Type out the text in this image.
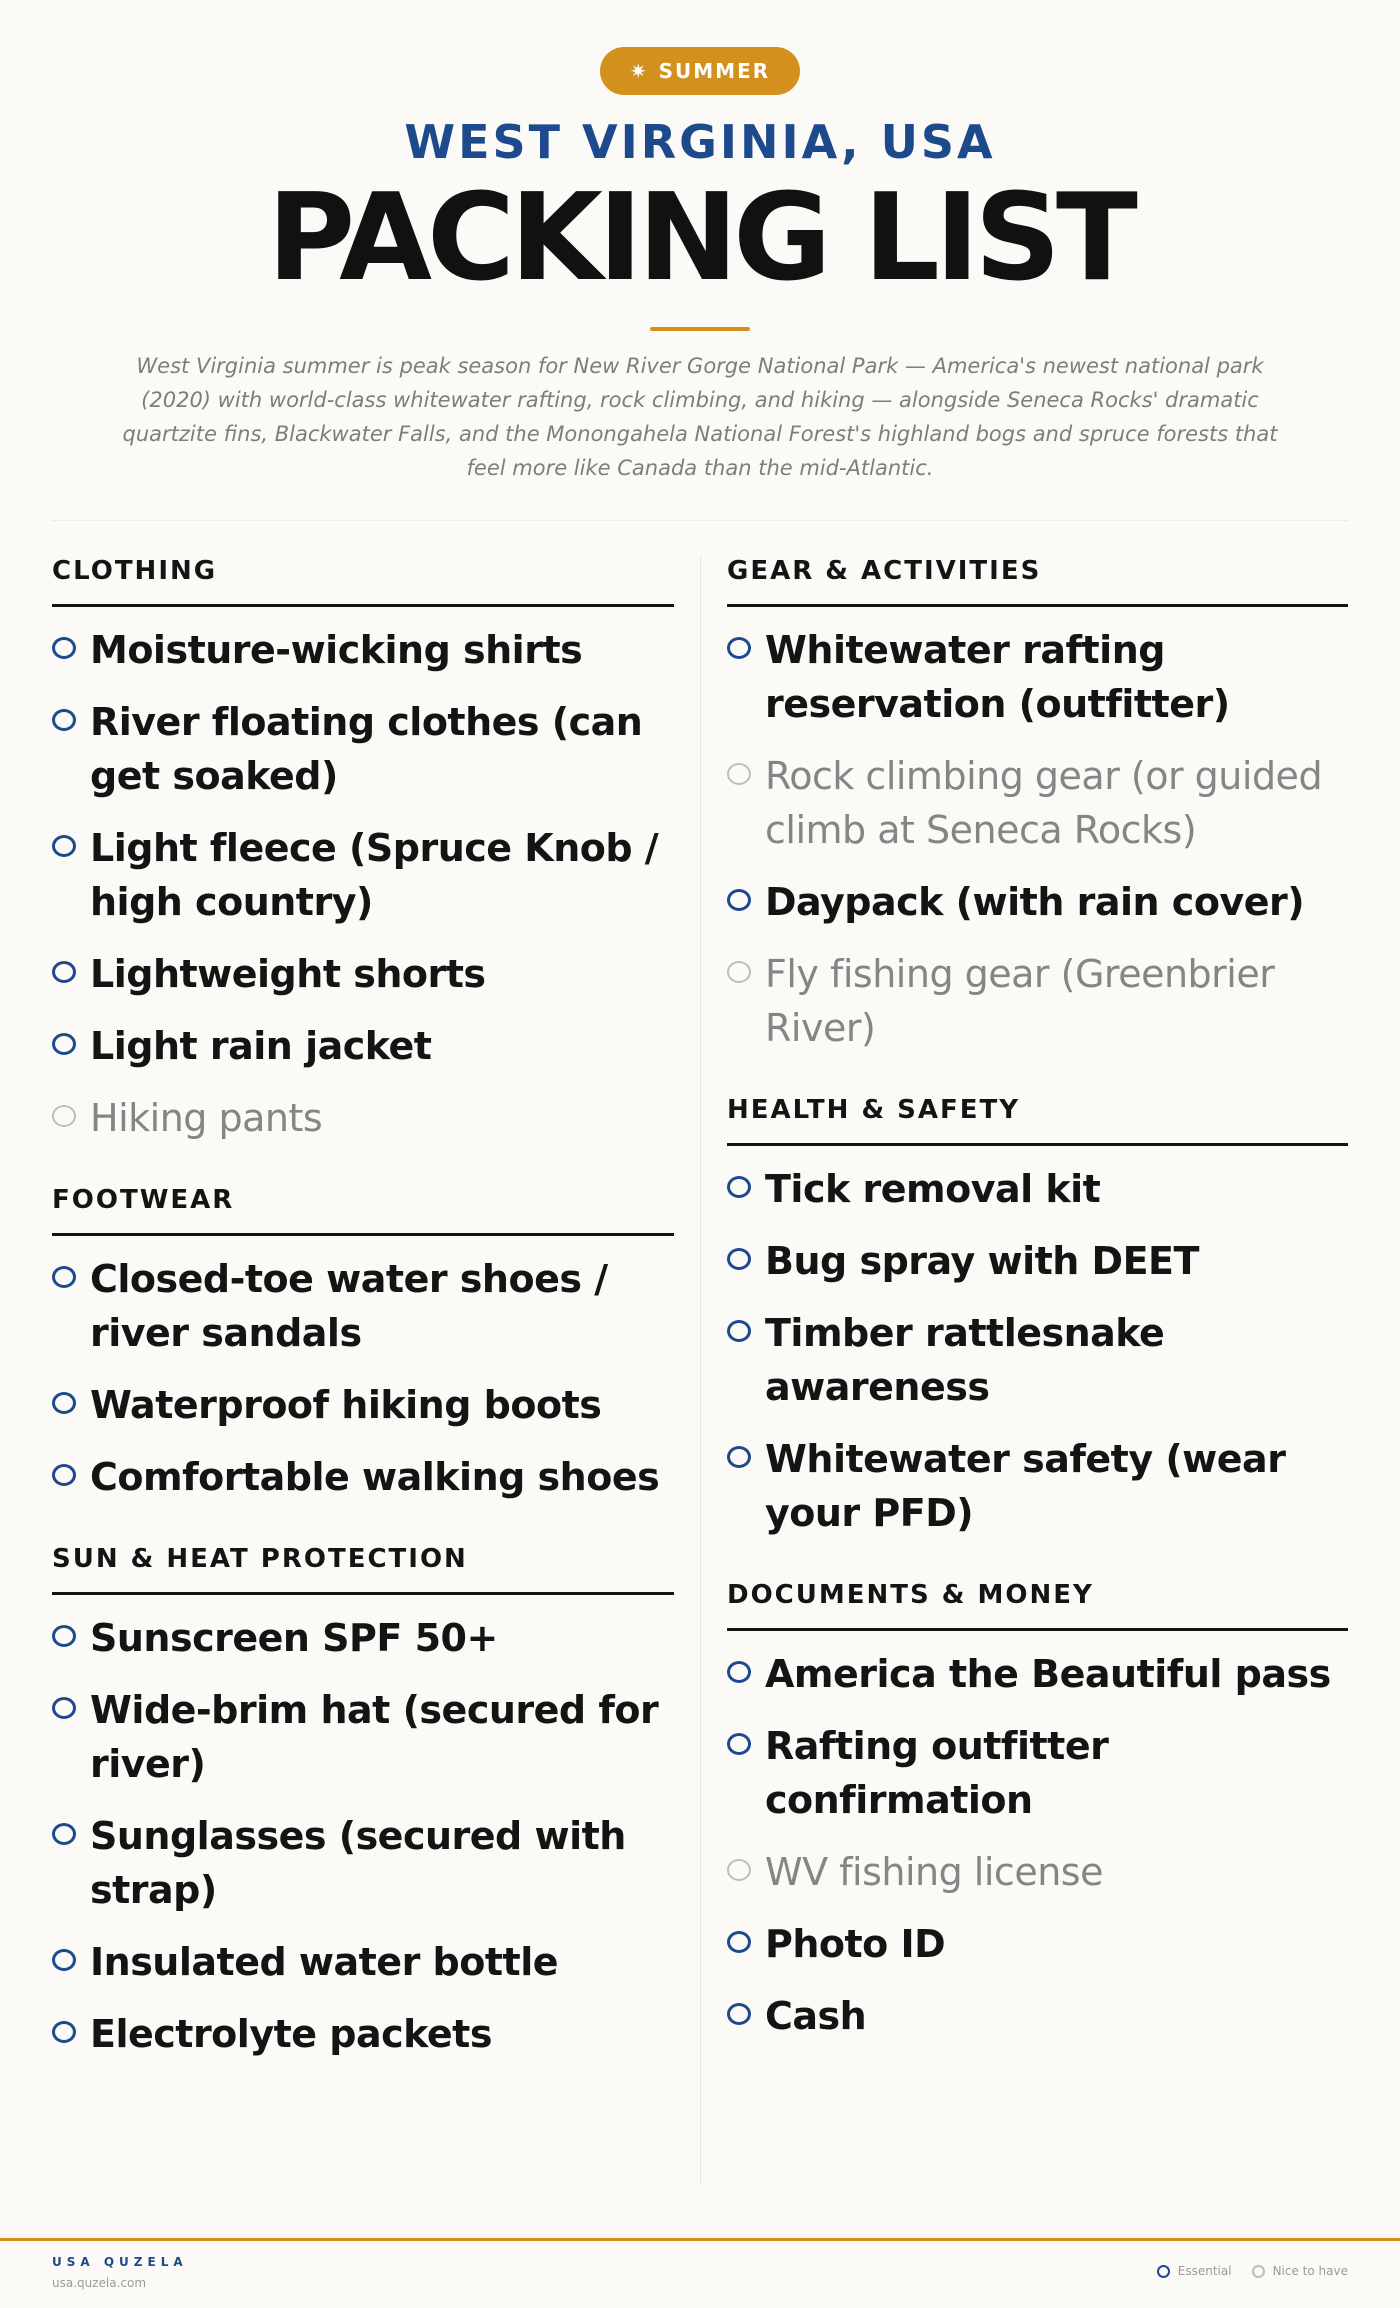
✷ SUMMER
WEST VIRGINIA, USA
PACKING LIST

West Virginia summer is peak season for New River Gorge National Park — America's newest national park (2020) with world-class whitewater rafting, rock climbing, and hiking — alongside Seneca Rocks' dramatic quartzite fins, Blackwater Falls, and the Monongahela National Forest's highland bogs and spruce forests that feel more like Canada than the mid-Atlantic.

CLOTHING
Moisture-wicking shirts
River floating clothes (can get soaked)
Light fleece (Spruce Knob / high country)
Lightweight shorts
Light rain jacket
Hiking pants
FOOTWEAR
Closed-toe water shoes / river sandals
Waterproof hiking boots
Comfortable walking shoes
SUN & HEAT PROTECTION
Sunscreen SPF 50+
Wide-brim hat (secured for river)
Sunglasses (secured with strap)
Insulated water bottle
Electrolyte packets
GEAR & ACTIVITIES
Whitewater rafting reservation (outfitter)
Rock climbing gear (or guided climb at Seneca Rocks)
Daypack (with rain cover)
Fly fishing gear (Greenbrier River)
HEALTH & SAFETY
Tick removal kit
Bug spray with DEET
Timber rattlesnake awareness
Whitewater safety (wear your PFD)
DOCUMENTS & MONEY
America the Beautiful pass
Rafting outfitter confirmation
WV fishing license
Photo ID
Cash
USA QUZELA
usa.quzela.com
Essential	Nice to have
